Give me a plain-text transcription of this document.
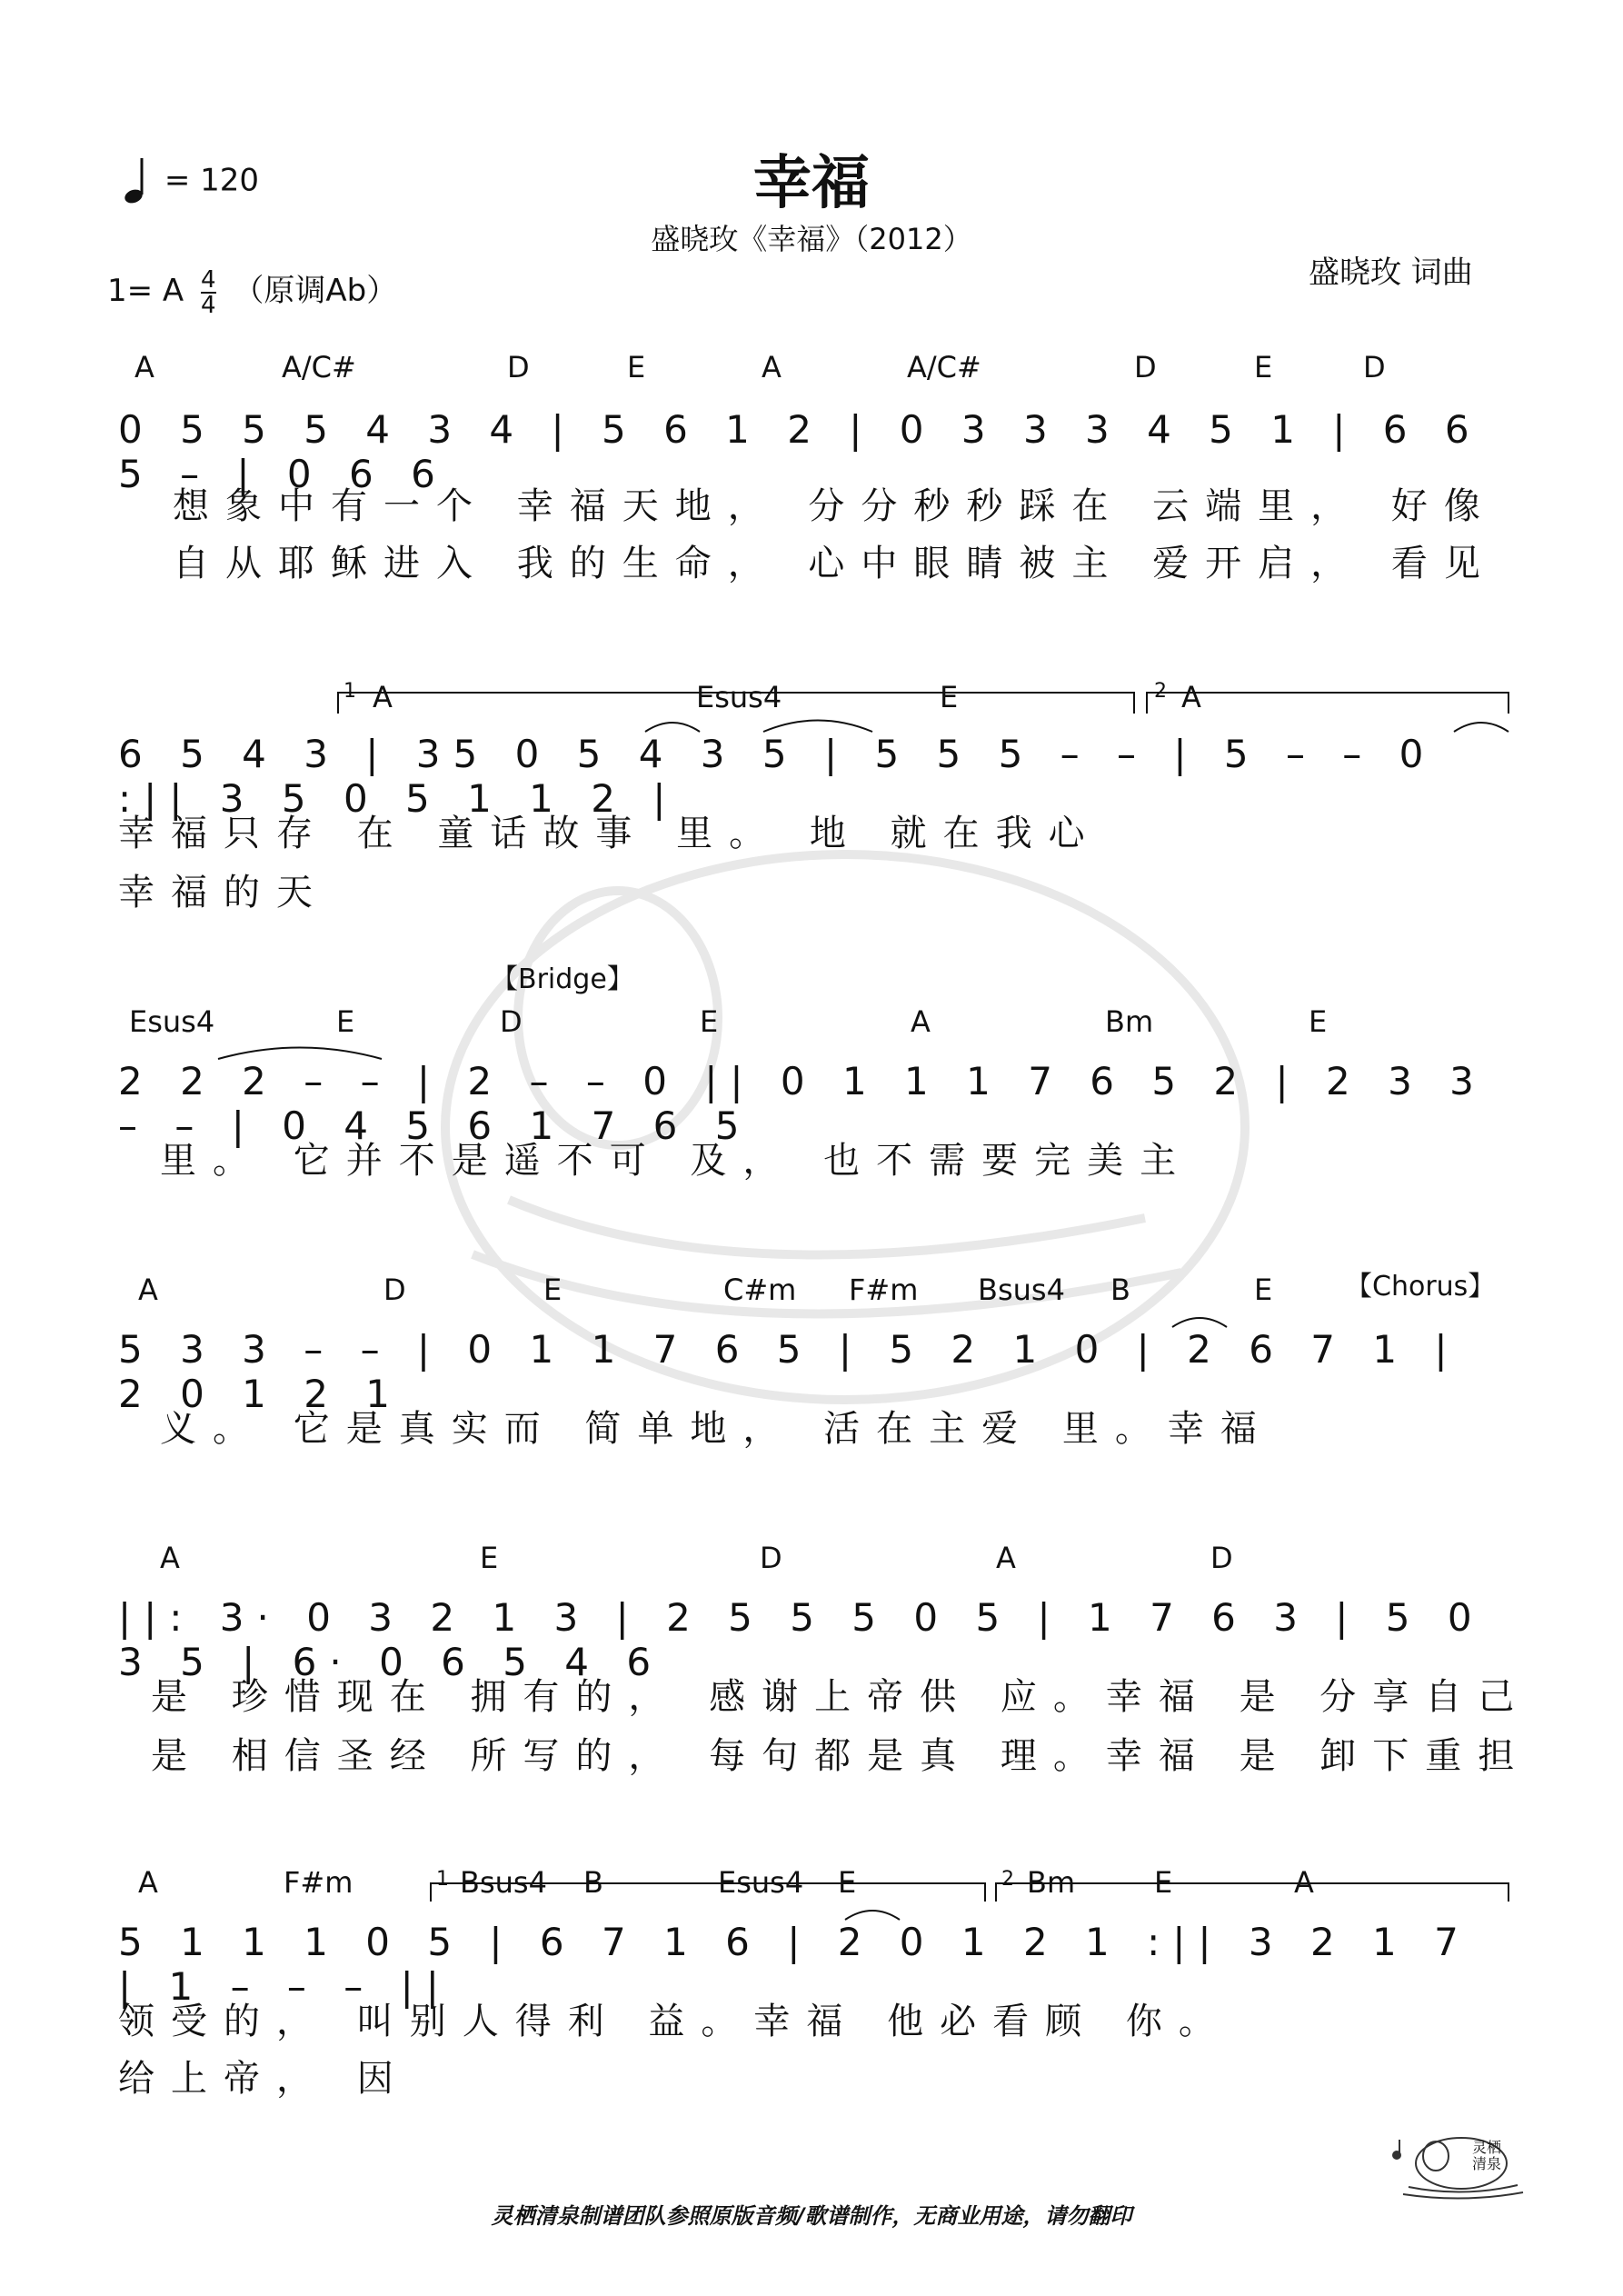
幸福
盛晓玫《幸福》（2012）
= 120
1= A $\frac{4}{4}$ （原调Ab）	盛晓玫 词曲
A	A/C#	D	E	A	A/C#	D	E	D
0 5 5 5 4 3 4 | 5 6 1 2 | 0 3 3 3 4 5 1 | 6 6 5 – | 0 6 6
想象中有一个 幸福天地， 分分秒秒踩在 云端里， 好像
自从耶稣进入 我的生命， 心中眼睛被主 爱开启， 看见
1	2
A	Esus4	E	A
6 5 4 3 | 35 0 5 4 3 5 | 5 5 5 – – | 5 – – 0 :|| 3 5 0 5 1 1 2 |
幸福只存 在 童话故事 里。 地 就在我心
幸福的天
【Bridge】
Esus4	E	D	E	A	Bm	E
2 2 2 – – | 2 – – 0 || 0 1 1 1 7 6 5 2 | 2 3 3 – – | 0 4 5 6 1 7 6 5
里。 它并不是遥不可 及， 也不需要完美主
【Chorus】
A	D	E	C#m F#m Bsus4 B	E
5 3 3 – – | 0 1 1 7 6 5 | 5 2 1 0 | 2 6 7 1 | 2 0 1 2 1
义。 它是真实而 简单地， 活在主爱 里。幸福
A	E	D	A	D
||: 3· 0 3 2 1 3 | 2 5 5 5 0 5 | 1 7 6 3 | 5 0 3 5 | 6· 0 6 5 4 6
是 珍惜现在 拥有的， 感谢上帝供 应。幸福 是 分享自己
是 相信圣经 所写的， 每句都是真 理。幸福 是 卸下重担
1	2
A	F#m	Bsus4 B	Esus4 E	Bm	E	A
5 1 1 1 0 5 | 6 7 1 6 | 2 0 1 2 1 :|| 3 2 1 7 | 1 – – – ||
领受的， 叫别人得利 益。幸福 他必看顾 你。
给上帝， 因
灵栖清泉制谱团队参照原版音频/歌谱制作，无商业用途，请勿翻印
灵栖清泉
